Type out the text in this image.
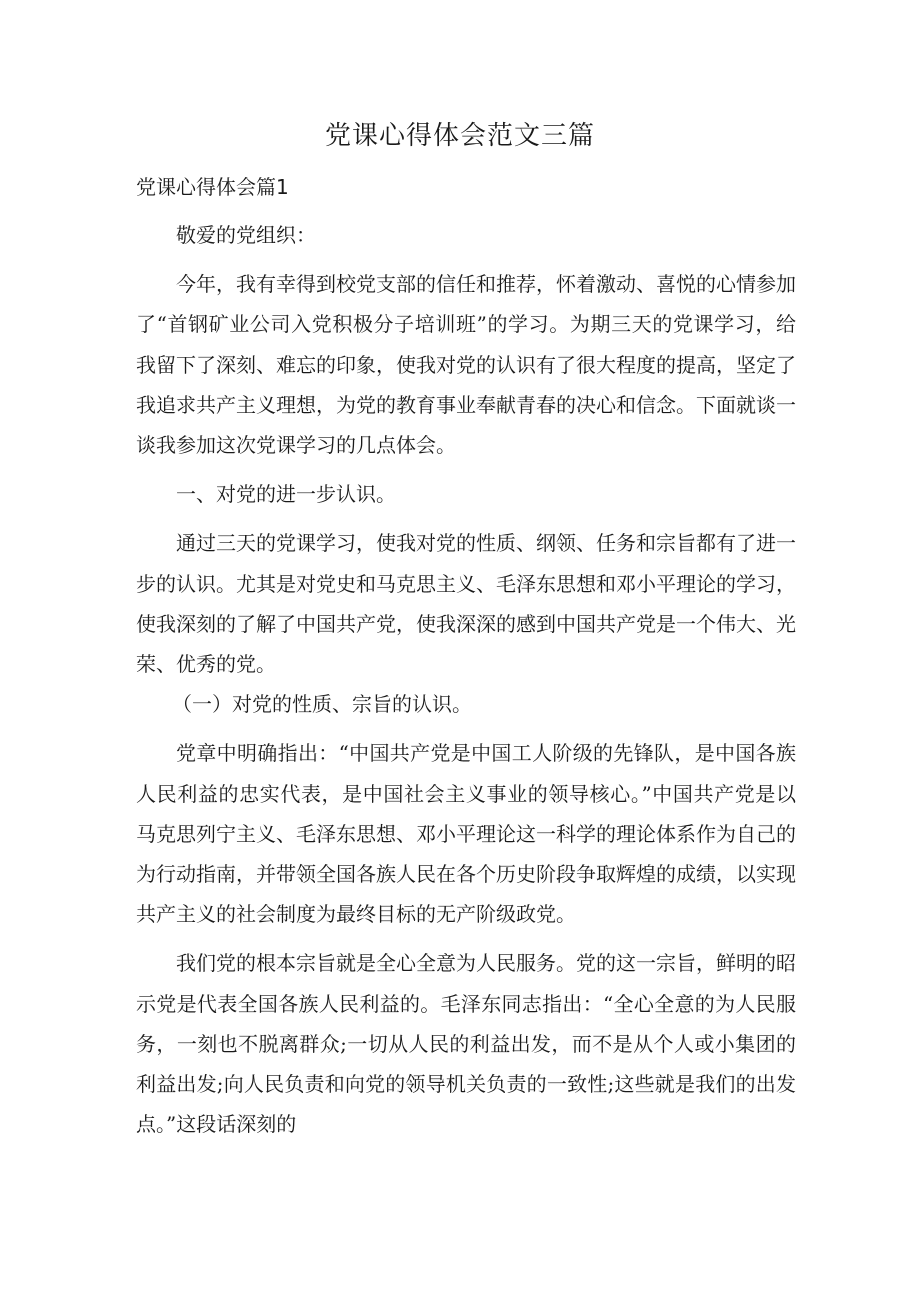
党课心得体会范文三篇
党课心得体会篇1

敬爱的党组织：

今年，我有幸得到校党支部的信任和推荐，怀着激动、喜悦的心情参加了“首钢矿业公司入党积极分子培训班”的学习。为期三天的党课学习，给我留下了深刻、难忘的印象，使我对党的认识有了很大程度的提高，坚定了我追求共产主义理想，为党的教育事业奉献青春的决心和信念。下面就谈一谈我参加这次党课学习的几点体会。

一、对党的进一步认识。

通过三天的党课学习，使我对党的性质、纲领、任务和宗旨都有了进一步的认识。尤其是对党史和马克思主义、毛泽东思想和邓小平理论的学习，使我深刻的了解了中国共产党，使我深深的感到中国共产党是一个伟大、光荣、优秀的党。

（一）对党的性质、宗旨的认识。

党章中明确指出：“中国共产党是中国工人阶级的先锋队，是中国各族人民利益的忠实代表，是中国社会主义事业的领导核心。”中国共产党是以马克思列宁主义、毛泽东思想、邓小平理论这一科学的理论体系作为自己的为行动指南，并带领全国各族人民在各个历史阶段争取辉煌的成绩，以实现共产主义的社会制度为最终目标的无产阶级政党。

我们党的根本宗旨就是全心全意为人民服务。党的这一宗旨，鲜明的昭示党是代表全国各族人民利益的。毛泽东同志指出：“全心全意的为人民服务，一刻也不脱离群众;一切从人民的利益出发，而不是从个人或小集团的利益出发;向人民负责和向党的领导机关负责的一致性;这些就是我们的出发点。”这段话深刻的
